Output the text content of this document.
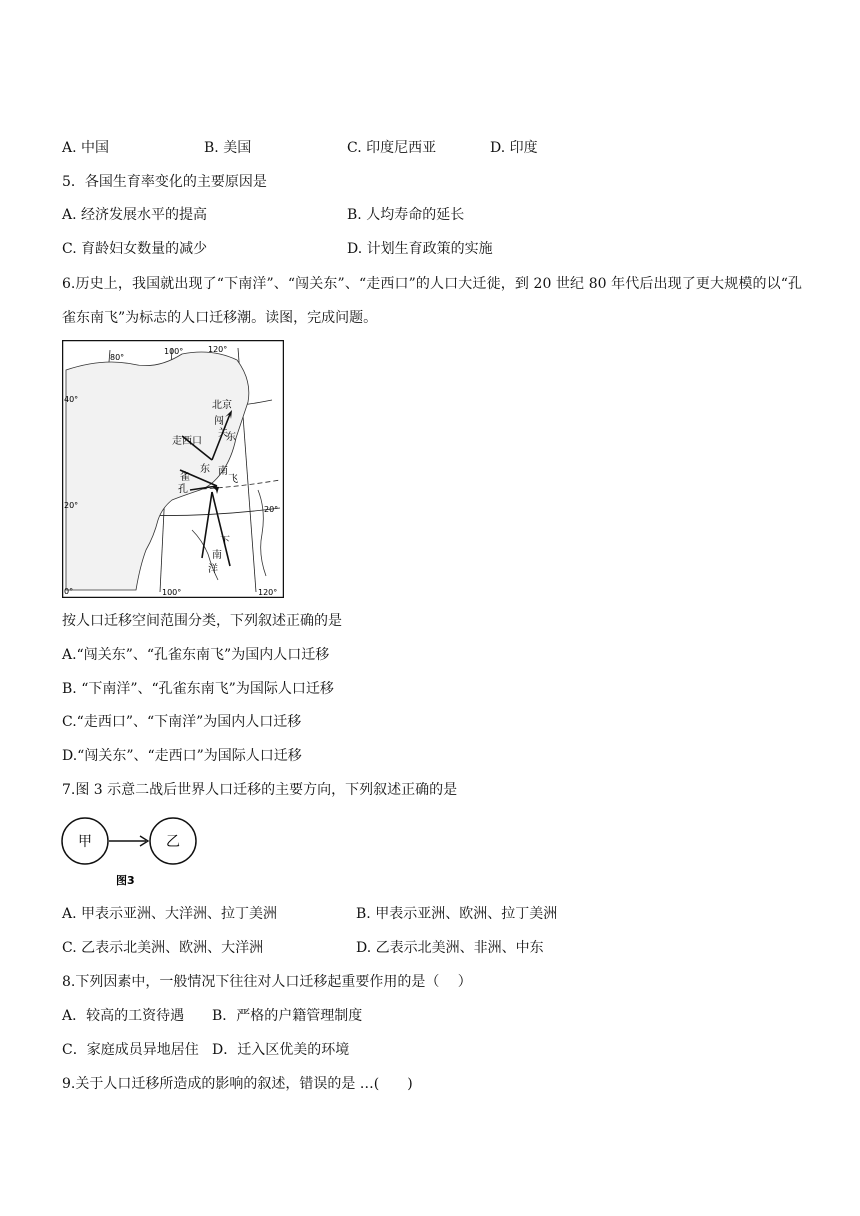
A. 中国	B. 美国	C. 印度尼西亚	D. 印度
5．各国生育率变化的主要原因是
A. 经济发展水平的提高	B. 人均寿命的延长
C. 育龄妇女数量的减少	D. 计划生育政策的实施
6.历史上，我国就出现了“下南洋”、“闯关东”、“走西口”的人口大迁徙，到 20 世纪 80 年代后出现了更大规模的以“孔雀东南飞”为标志的人口迁移潮。读图，完成问题。
80°
100°	120°
40°
20°	20°
0°	100°	120°
北京
闯
关
东
走西口
孔
雀
东 南
飞
下
南
洋
按人口迁移空间范围分类，下列叙述正确的是
A.“闯关东”、“孔雀东南飞”为国内人口迁移
B. “下南洋”、“孔雀东南飞”为国际人口迁移
C.“走西口”、“下南洋”为国内人口迁移
D.“闯关东”、“走西口”为国际人口迁移
7.图 3 示意二战后世界人口迁移的主要方向，下列叙述正确的是
甲	乙
图3
A. 甲表示亚洲、大洋洲、拉丁美洲	B. 甲表示亚洲、欧洲、拉丁美洲
C. 乙表示北美洲、欧洲、大洋洲	D. 乙表示北美洲、非洲、中东
8.下列因素中，一般情况下往往对人口迁移起重要作用的是（　 ）
A．较高的工资待遇 B．严格的户籍管理制度
C．家庭成员异地居住 D．迁入区优美的环境
9.关于人口迁移所造成的影响的叙述，错误的是 …(　　)
